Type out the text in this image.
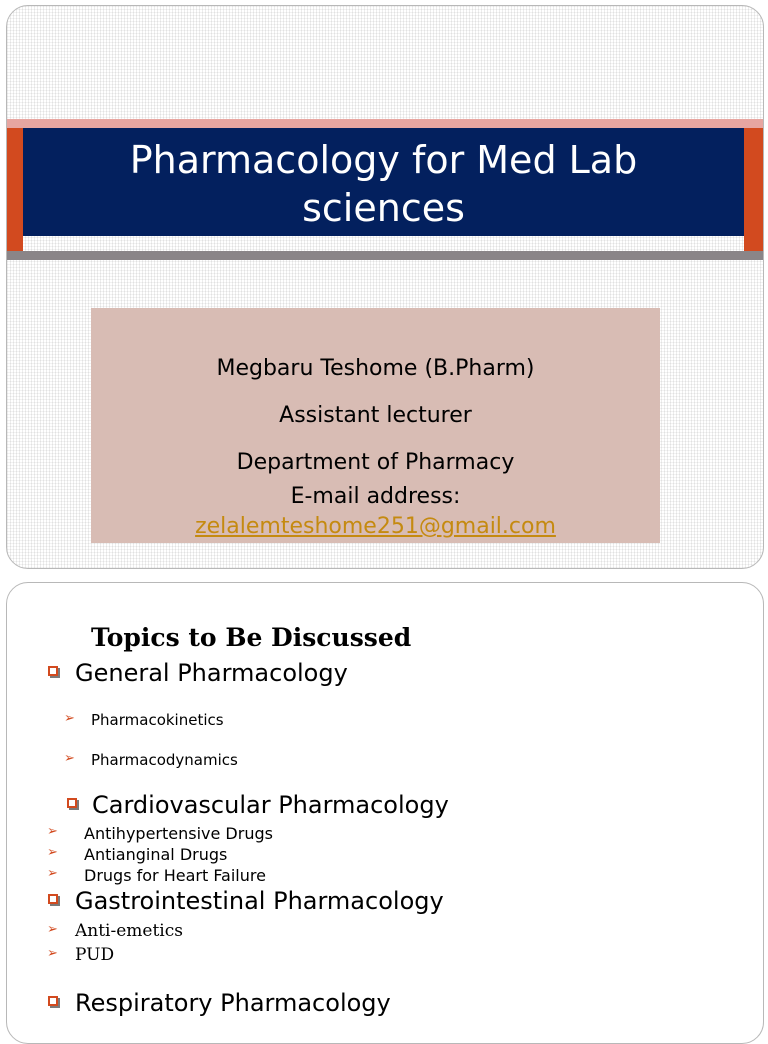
Pharmacology for Med Lab sciences
Megbaru Teshome (B.Pharm)
Assistant lecturer
Department of Pharmacy
E-mail address:
zelalemteshome251@gmail.com
Topics to Be Discussed
General Pharmacology
➢ Pharmacokinetics
➢ Pharmacodynamics
Cardiovascular Pharmacology
➢ Antihypertensive Drugs
➢ Antianginal Drugs
➢ Drugs for Heart Failure
Gastrointestinal Pharmacology
➢ Anti-emetics
➢ PUD
Respiratory Pharmacology
